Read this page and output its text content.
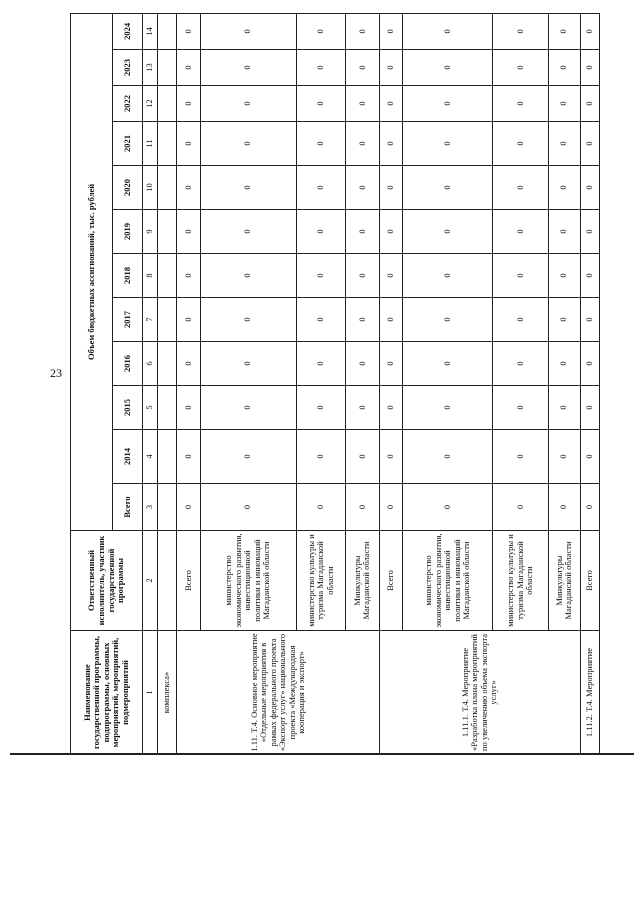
23
Наименование государственной программы, подпрограммы, основных мероприятий, мероприятий, подмероприятий	Ответственный исполнитель, участник государственной программы	Объем бюджетных ассигнований, тыс. рублей											
		Всего	2014	2015	2016	2017	2018	2019	2020	2021	2022	2023	2024
1	2	3	4	5	6	7	8	9	10	11	12	13	14
комплекса»													
1.11. Т.4. Основное мероприятие «Отдельные мероприятия в рамках федерального проекта «Экспорт услуг» национального проекта «Международная кооперация и экспорт»	Всего	0	0	0	0	0	0	0	0	0	0	0	0
	министерство экономического развития, инвестиционной политики и инноваций Магаданской области	0	0	0	0	0	0	0	0	0	0	0	0
	министерство культуры и туризма Магаданской области	0	0	0	0	0	0	0	0	0	0	0	0
	Минкультуры Магаданской области	0	0	0	0	0	0	0	0	0	0	0	0
1.11.1. Т.4. Мероприятие «Разработка плана мероприятий по увеличению объема экспорта услуг»	Всего	0	0	0	0	0	0	0	0	0	0	0	0
	министерство экономического развития, инвестиционной политики и инноваций Магаданской области	0	0	0	0	0	0	0	0	0	0	0	0
	министерство культуры и туризма Магаданской области	0	0	0	0	0	0	0	0	0	0	0	0
	Минкультуры Магаданской области	0	0	0	0	0	0	0	0	0	0	0	0
1.11.2. Т.4. Мероприятие	Всего	0	0	0	0	0	0	0	0	0	0	0	0
